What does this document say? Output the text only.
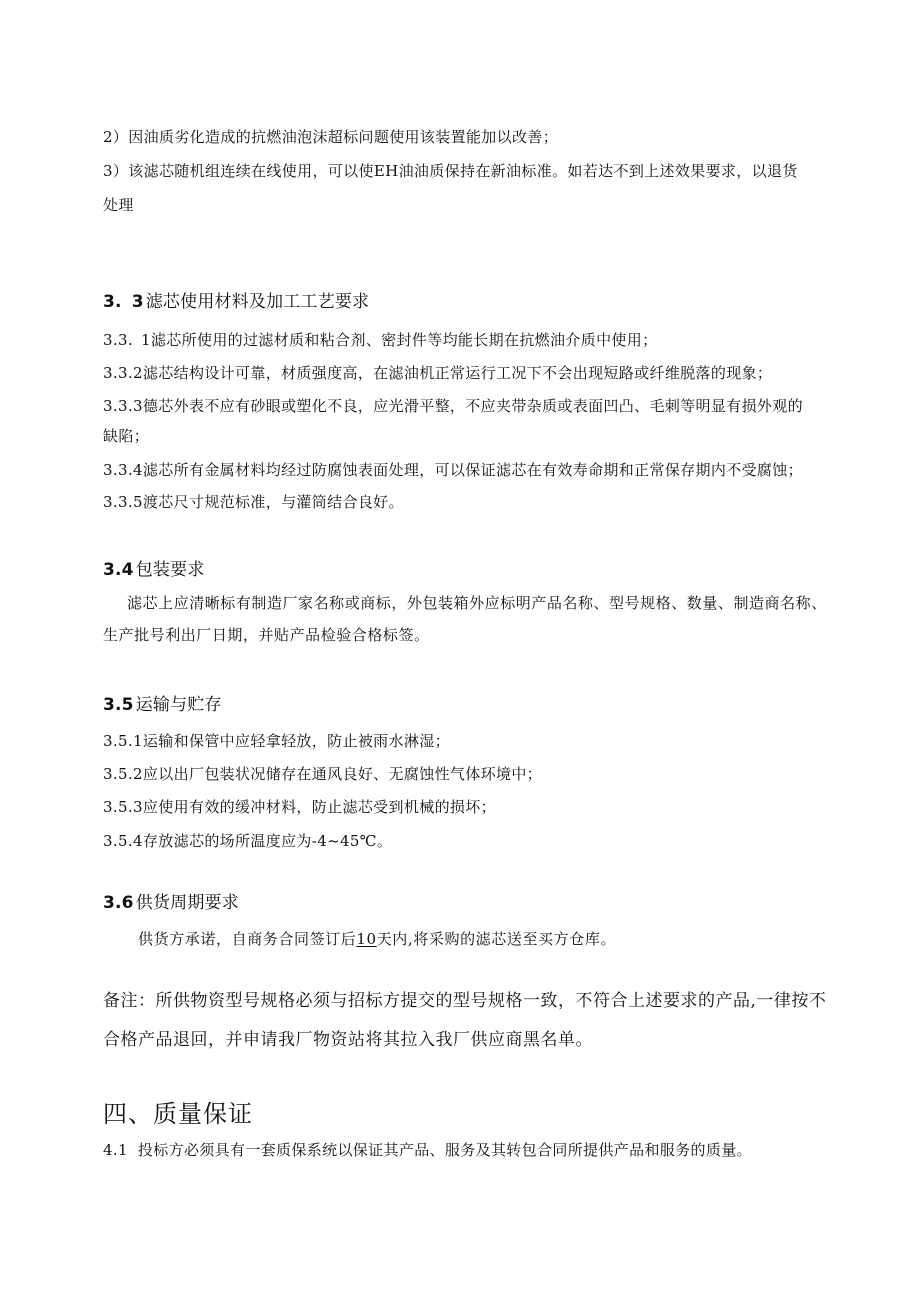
2）因油质劣化造成的抗燃油泡沫超标问题使用该装置能加以改善；
3）该滤芯随机组连续在线使用，可以使EH油油质保持在新油标准。如若达不到上述效果要求，以退货
处理
3. 3 滤芯使用材料及加工工艺要求
3.3. 1滤芯所使用的过滤材质和粘合剂、密封件等均能长期在抗燃油介质中使用；
3.3.2滤芯结构设计可靠，材质强度高，在滤油机正常运行工况下不会出现短路或纤维脱落的现象；
3.3.3德芯外表不应有砂眼或塑化不良，应光滑平整，不应夹带杂质或表面凹凸、毛刺等明显有损外观的
缺陷；
3.3.4滤芯所有金属材料均经过防腐蚀表面处理，可以保证滤芯在有效寿命期和正常保存期内不受腐蚀；
3.3.5渡芯尺寸规范标准，与灌筒结合良好。
3.4 包装要求
滤芯上应清晰标有制造厂家名称或商标，外包装箱外应标明产品名称、型号规格、数量、制造商名称、
生产批号利出厂日期，并贴产品检验合格标签。
3.5 运输与贮存
3.5.1运输和保管中应轻拿轻放，防止被雨水淋湿；
3.5.2应以出厂包装状况储存在通风良好、无腐蚀性气体环境中；
3.5.3应使用有效的缓冲材料，防止滤芯受到机械的损坏；
3.5.4存放滤芯的场所温度应为-4~45℃。
3.6 供货周期要求
供货方承诺，自商务合同签订后10天内,将采购的滤芯送至买方仓库。
备注：所供物资型号规格必须与招标方提交的型号规格一致，不符合上述要求的产品,一律按不
合格产品退回，并申请我厂物资站将其拉入我厂供应商黑名单。
四、质量保证
4.1 投标方必须具有一套质保系统以保证其产品、服务及其转包合同所提供产品和服务的质量。
